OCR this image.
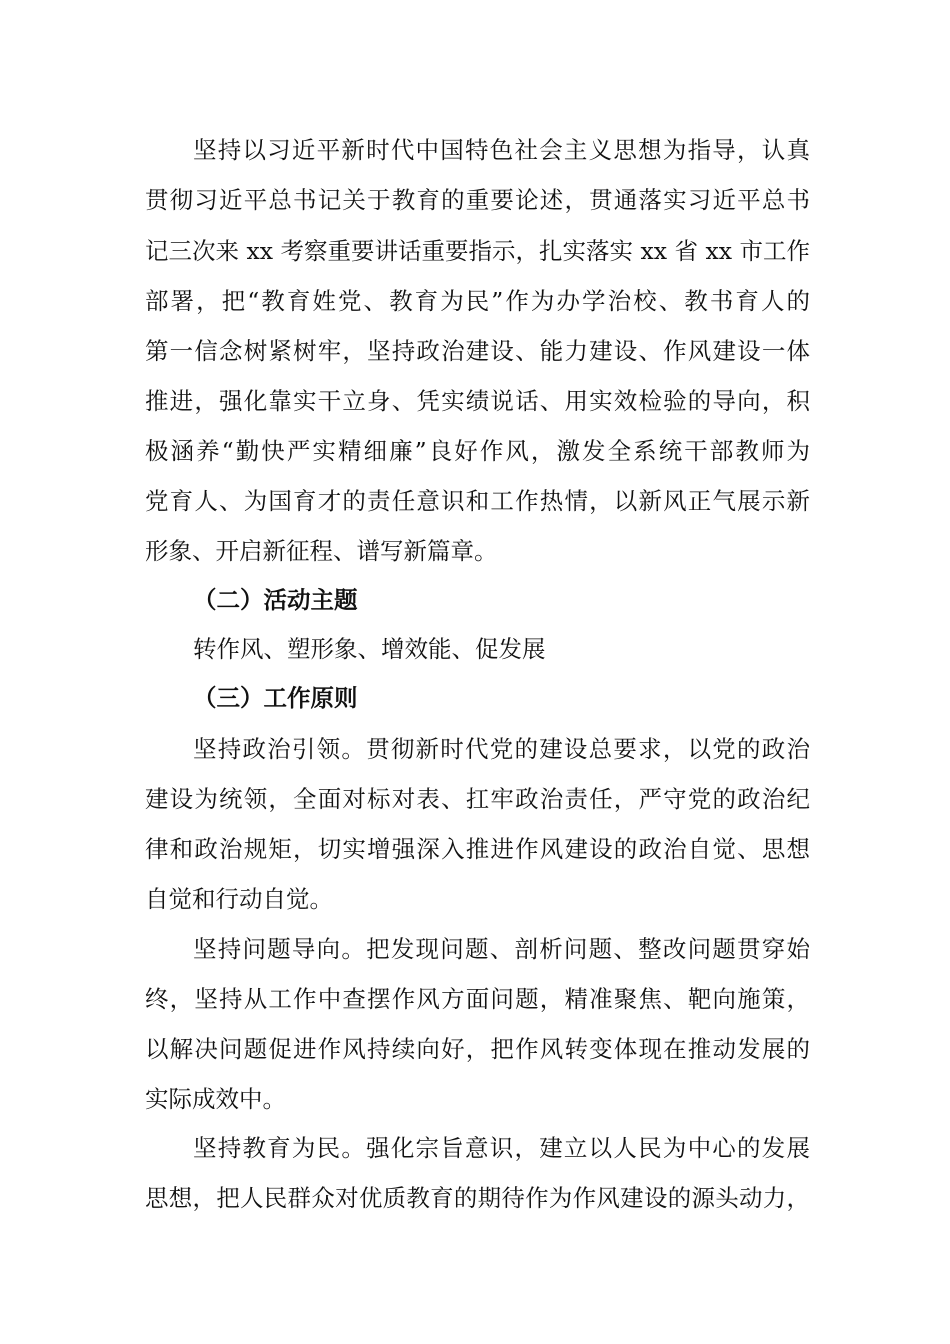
坚持以习近平新时代中国特色社会主义思想为指导，认真
贯彻习近平总书记关于教育的重要论述，贯通落实习近平总书
记三次来 xx 考察重要讲话重要指示，扎实落实 xx 省 xx 市工作
部署，把“教育姓党、教育为民”作为办学治校、教书育人的
第一信念树紧树牢，坚持政治建设、能力建设、作风建设一体
推进，强化靠实干立身、凭实绩说话、用实效检验的导向，积
极涵养“勤快严实精细廉”良好作风，激发全系统干部教师为
党育人、为国育才的责任意识和工作热情，以新风正气展示新
形象、开启新征程、谱写新篇章。
（二）活动主题
转作风、塑形象、增效能、促发展
（三）工作原则
坚持政治引领。贯彻新时代党的建设总要求，以党的政治
建设为统领，全面对标对表、扛牢政治责任，严守党的政治纪
律和政治规矩，切实增强深入推进作风建设的政治自觉、思想
自觉和行动自觉。
坚持问题导向。把发现问题、剖析问题、整改问题贯穿始
终，坚持从工作中查摆作风方面问题，精准聚焦、靶向施策，
以解决问题促进作风持续向好，把作风转变体现在推动发展的
实际成效中。
坚持教育为民。强化宗旨意识，建立以人民为中心的发展
思想，把人民群众对优质教育的期待作为作风建设的源头动力，
